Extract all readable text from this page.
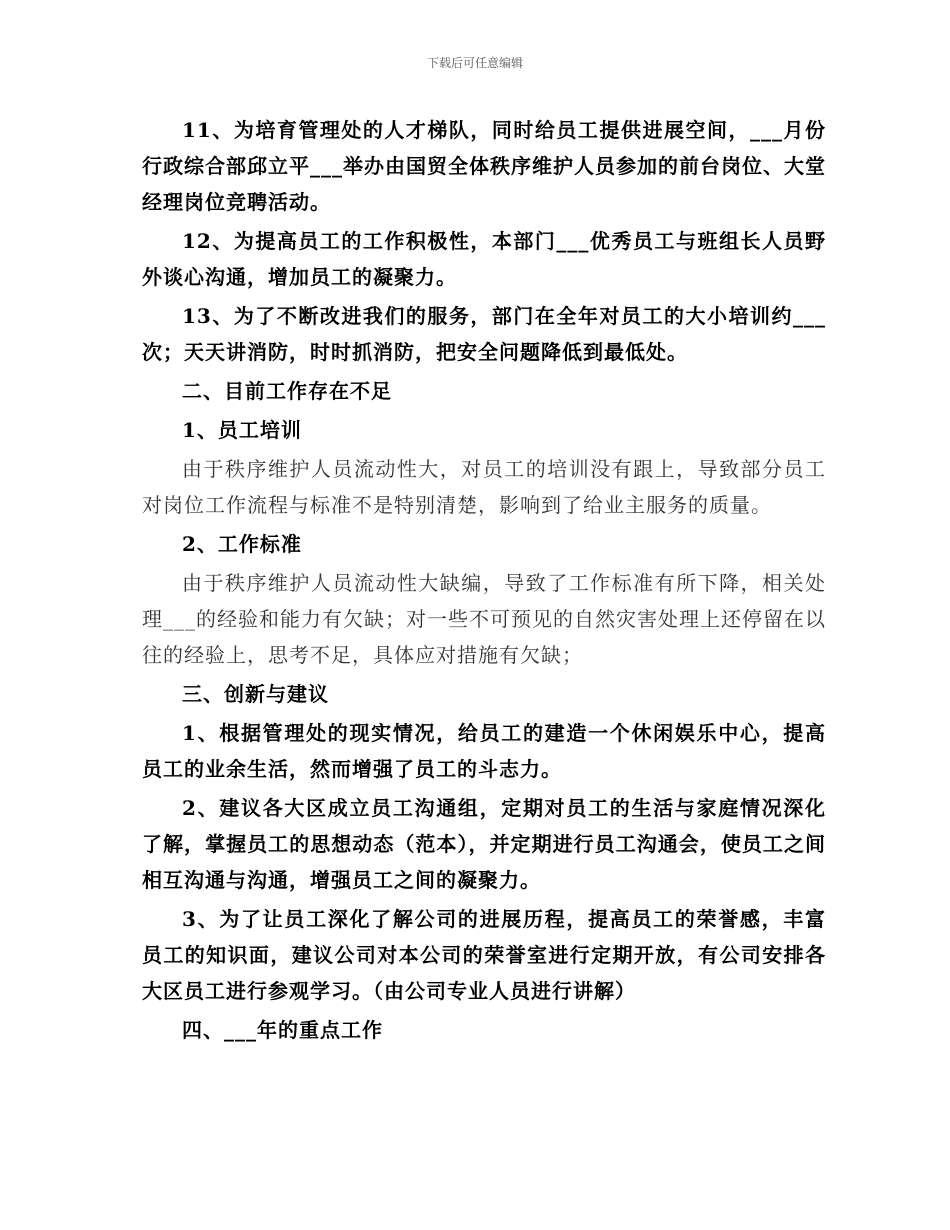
下载后可任意编辑

11、为培育管理处的人才梯队，同时给员工提供进展空间，___月份行政综合部邱立平___举办由国贸全体秩序维护人员参加的前台岗位、大堂经理岗位竞聘活动。

12、为提高员工的工作积极性，本部门___优秀员工与班组长人员野外谈心沟通，增加员工的凝聚力。

13、为了不断改进我们的服务，部门在全年对员工的大小培训约___次；天天讲消防，时时抓消防，把安全问题降低到最低处。

二、目前工作存在不足

1、员工培训

由于秩序维护人员流动性大，对员工的培训没有跟上，导致部分员工对岗位工作流程与标准不是特别清楚，影响到了给业主服务的质量。

2、工作标准

由于秩序维护人员流动性大缺编，导致了工作标准有所下降，相关处理___的经验和能力有欠缺；对一些不可预见的自然灾害处理上还停留在以往的经验上，思考不足，具体应对措施有欠缺；

三、创新与建议

1、根据管理处的现实情况，给员工的建造一个休闲娱乐中心，提高员工的业余生活，然而增强了员工的斗志力。

2、建议各大区成立员工沟通组，定期对员工的生活与家庭情况深化了解，掌握员工的思想动态（范本），并定期进行员工沟通会，使员工之间相互沟通与沟通，增强员工之间的凝聚力。

3、为了让员工深化了解公司的进展历程，提高员工的荣誉感，丰富员工的知识面，建议公司对本公司的荣誉室进行定期开放，有公司安排各大区员工进行参观学习。（由公司专业人员进行讲解）

四、___年的重点工作
